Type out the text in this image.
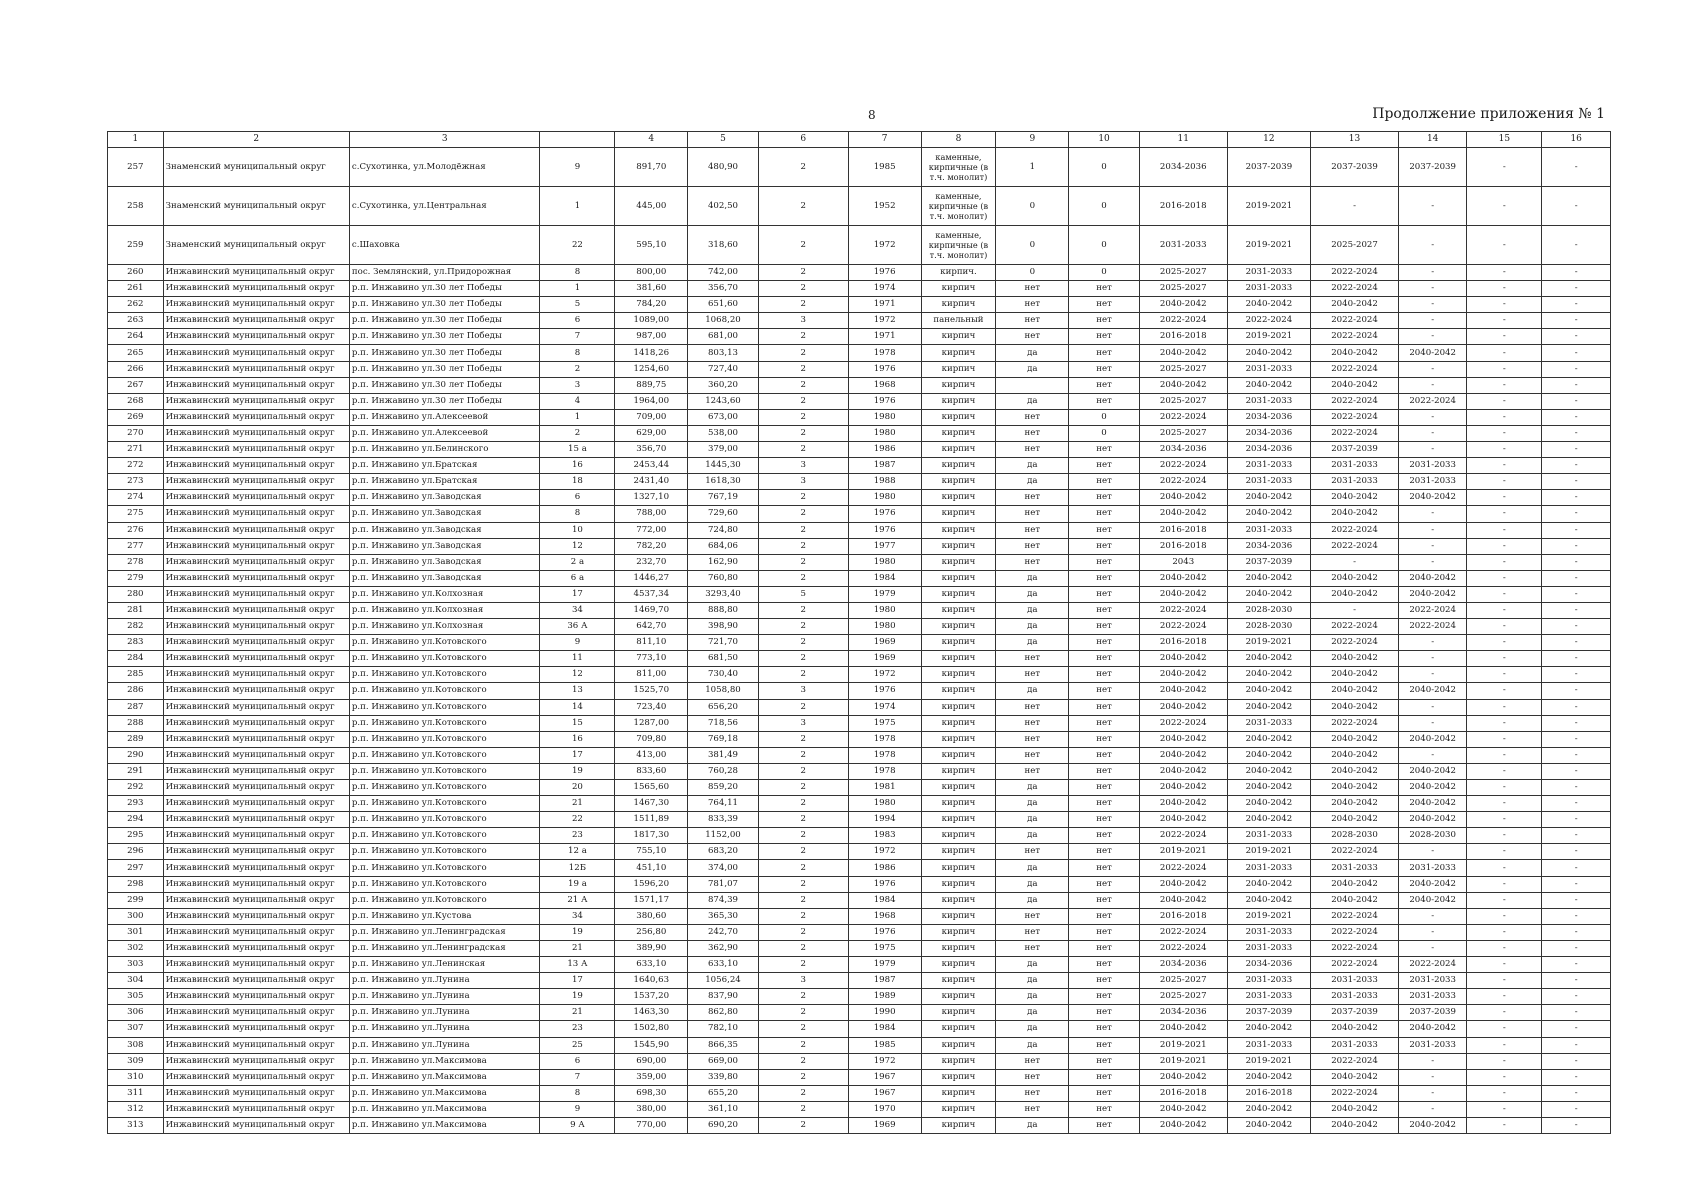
8	Продолжение приложения № 1
1	2	3		4	5	6	7	8	9	10	11	12	13	14	15	16
257	Знаменский муниципальный округ	с.Сухотинка, ул.Молодёжная	9	891,70	480,90	2	1985	каменные, кирпичные (в т.ч. монолит)	1	0	2034-2036	2037-2039	2037-2039	2037-2039	-	-
258	Знаменский муниципальный округ	с.Сухотинка, ул.Центральная	1	445,00	402,50	2	1952	каменные, кирпичные (в т.ч. монолит)	0	0	2016-2018	2019-2021	-	-	-	-
259	Знаменский муниципальный округ	с.Шаховка	22	595,10	318,60	2	1972	каменные, кирпичные (в т.ч. монолит)	0	0	2031-2033	2019-2021	2025-2027	-	-	-
260	Инжавинский муниципальный округ	пос. Землянский, ул.Придорожная	8	800,00	742,00	2	1976	кирпич.	0	0	2025-2027	2031-2033	2022-2024	-	-	-
261	Инжавинский муниципальный округ	р.п. Инжавино ул.30 лет Победы	1	381,60	356,70	2	1974	кирпич	нет	нет	2025-2027	2031-2033	2022-2024	-	-	-
262	Инжавинский муниципальный округ	р.п. Инжавино ул.30 лет Победы	5	784,20	651,60	2	1971	кирпич	нет	нет	2040-2042	2040-2042	2040-2042	-	-	-
263	Инжавинский муниципальный округ	р.п. Инжавино ул.30 лет Победы	6	1089,00	1068,20	3	1972	панельный	нет	нет	2022-2024	2022-2024	2022-2024	-	-	-
264	Инжавинский муниципальный округ	р.п. Инжавино ул.30 лет Победы	7	987,00	681,00	2	1971	кирпич	нет	нет	2016-2018	2019-2021	2022-2024	-	-	-
265	Инжавинский муниципальный округ	р.п. Инжавино ул.30 лет Победы	8	1418,26	803,13	2	1978	кирпич	да	нет	2040-2042	2040-2042	2040-2042	2040-2042	-	-
266	Инжавинский муниципальный округ	р.п. Инжавино ул.30 лет Победы	2	1254,60	727,40	2	1976	кирпич	да	нет	2025-2027	2031-2033	2022-2024	-	-	-
267	Инжавинский муниципальный округ	р.п. Инжавино ул.30 лет Победы	3	889,75	360,20	2	1968	кирпич		нет	2040-2042	2040-2042	2040-2042	-	-	-
268	Инжавинский муниципальный округ	р.п. Инжавино ул.30 лет Победы	4	1964,00	1243,60	2	1976	кирпич	да	нет	2025-2027	2031-2033	2022-2024	2022-2024	-	-
269	Инжавинский муниципальный округ	р.п. Инжавино ул.Алексеевой	1	709,00	673,00	2	1980	кирпич	нет	0	2022-2024	2034-2036	2022-2024	-	-	-
270	Инжавинский муниципальный округ	р.п. Инжавино ул.Алексеевой	2	629,00	538,00	2	1980	кирпич	нет	0	2025-2027	2034-2036	2022-2024	-	-	-
271	Инжавинский муниципальный округ	р.п. Инжавино ул.Белинского	15 а	356,70	379,00	2	1986	кирпич	нет	нет	2034-2036	2034-2036	2037-2039	-	-	-
272	Инжавинский муниципальный округ	р.п. Инжавино ул.Братская	16	2453,44	1445,30	3	1987	кирпич	да	нет	2022-2024	2031-2033	2031-2033	2031-2033	-	-
273	Инжавинский муниципальный округ	р.п. Инжавино ул.Братская	18	2431,40	1618,30	3	1988	кирпич	да	нет	2022-2024	2031-2033	2031-2033	2031-2033	-	-
274	Инжавинский муниципальный округ	р.п. Инжавино ул.Заводская	6	1327,10	767,19	2	1980	кирпич	нет	нет	2040-2042	2040-2042	2040-2042	2040-2042	-	-
275	Инжавинский муниципальный округ	р.п. Инжавино ул.Заводская	8	788,00	729,60	2	1976	кирпич	нет	нет	2040-2042	2040-2042	2040-2042	-	-	-
276	Инжавинский муниципальный округ	р.п. Инжавино ул.Заводская	10	772,00	724,80	2	1976	кирпич	нет	нет	2016-2018	2031-2033	2022-2024	-	-	-
277	Инжавинский муниципальный округ	р.п. Инжавино ул.Заводская	12	782,20	684,06	2	1977	кирпич	нет	нет	2016-2018	2034-2036	2022-2024	-	-	-
278	Инжавинский муниципальный округ	р.п. Инжавино ул.Заводская	2 а	232,70	162,90	2	1980	кирпич	нет	нет	2043	2037-2039	-	-	-	-
279	Инжавинский муниципальный округ	р.п. Инжавино ул.Заводская	6 а	1446,27	760,80	2	1984	кирпич	да	нет	2040-2042	2040-2042	2040-2042	2040-2042	-	-
280	Инжавинский муниципальный округ	р.п. Инжавино ул.Колхозная	17	4537,34	3293,40	5	1979	кирпич	да	нет	2040-2042	2040-2042	2040-2042	2040-2042	-	-
281	Инжавинский муниципальный округ	р.п. Инжавино ул.Колхозная	34	1469,70	888,80	2	1980	кирпич	да	нет	2022-2024	2028-2030	-	2022-2024	-	-
282	Инжавинский муниципальный округ	р.п. Инжавино ул.Колхозная	36 А	642,70	398,90	2	1980	кирпич	да	нет	2022-2024	2028-2030	2022-2024	2022-2024	-	-
283	Инжавинский муниципальный округ	р.п. Инжавино ул.Котовского	9	811,10	721,70	2	1969	кирпич	да	нет	2016-2018	2019-2021	2022-2024	-	-	-
284	Инжавинский муниципальный округ	р.п. Инжавино ул.Котовского	11	773,10	681,50	2	1969	кирпич	нет	нет	2040-2042	2040-2042	2040-2042	-	-	-
285	Инжавинский муниципальный округ	р.п. Инжавино ул.Котовского	12	811,00	730,40	2	1972	кирпич	нет	нет	2040-2042	2040-2042	2040-2042	-	-	-
286	Инжавинский муниципальный округ	р.п. Инжавино ул.Котовского	13	1525,70	1058,80	3	1976	кирпич	да	нет	2040-2042	2040-2042	2040-2042	2040-2042	-	-
287	Инжавинский муниципальный округ	р.п. Инжавино ул.Котовского	14	723,40	656,20	2	1974	кирпич	нет	нет	2040-2042	2040-2042	2040-2042	-	-	-
288	Инжавинский муниципальный округ	р.п. Инжавино ул.Котовского	15	1287,00	718,56	3	1975	кирпич	нет	нет	2022-2024	2031-2033	2022-2024	-	-	-
289	Инжавинский муниципальный округ	р.п. Инжавино ул.Котовского	16	709,80	769,18	2	1978	кирпич	нет	нет	2040-2042	2040-2042	2040-2042	2040-2042	-	-
290	Инжавинский муниципальный округ	р.п. Инжавино ул.Котовского	17	413,00	381,49	2	1978	кирпич	нет	нет	2040-2042	2040-2042	2040-2042	-	-	-
291	Инжавинский муниципальный округ	р.п. Инжавино ул.Котовского	19	833,60	760,28	2	1978	кирпич	нет	нет	2040-2042	2040-2042	2040-2042	2040-2042	-	-
292	Инжавинский муниципальный округ	р.п. Инжавино ул.Котовского	20	1565,60	859,20	2	1981	кирпич	да	нет	2040-2042	2040-2042	2040-2042	2040-2042	-	-
293	Инжавинский муниципальный округ	р.п. Инжавино ул.Котовского	21	1467,30	764,11	2	1980	кирпич	да	нет	2040-2042	2040-2042	2040-2042	2040-2042	-	-
294	Инжавинский муниципальный округ	р.п. Инжавино ул.Котовского	22	1511,89	833,39	2	1994	кирпич	да	нет	2040-2042	2040-2042	2040-2042	2040-2042	-	-
295	Инжавинский муниципальный округ	р.п. Инжавино ул.Котовского	23	1817,30	1152,00	2	1983	кирпич	да	нет	2022-2024	2031-2033	2028-2030	2028-2030	-	-
296	Инжавинский муниципальный округ	р.п. Инжавино ул.Котовского	12 а	755,10	683,20	2	1972	кирпич	нет	нет	2019-2021	2019-2021	2022-2024	-	-	-
297	Инжавинский муниципальный округ	р.п. Инжавино ул.Котовского	12Б	451,10	374,00	2	1986	кирпич	да	нет	2022-2024	2031-2033	2031-2033	2031-2033	-	-
298	Инжавинский муниципальный округ	р.п. Инжавино ул.Котовского	19 а	1596,20	781,07	2	1976	кирпич	да	нет	2040-2042	2040-2042	2040-2042	2040-2042	-	-
299	Инжавинский муниципальный округ	р.п. Инжавино ул.Котовского	21 А	1571,17	874,39	2	1984	кирпич	да	нет	2040-2042	2040-2042	2040-2042	2040-2042	-	-
300	Инжавинский муниципальный округ	р.п. Инжавино ул.Кустова	34	380,60	365,30	2	1968	кирпич	нет	нет	2016-2018	2019-2021	2022-2024	-	-	-
301	Инжавинский муниципальный округ	р.п. Инжавино ул.Ленинградская	19	256,80	242,70	2	1976	кирпич	нет	нет	2022-2024	2031-2033	2022-2024	-	-	-
302	Инжавинский муниципальный округ	р.п. Инжавино ул.Ленинградская	21	389,90	362,90	2	1975	кирпич	нет	нет	2022-2024	2031-2033	2022-2024	-	-	-
303	Инжавинский муниципальный округ	р.п. Инжавино ул.Ленинская	13 А	633,10	633,10	2	1979	кирпич	да	нет	2034-2036	2034-2036	2022-2024	2022-2024	-	-
304	Инжавинский муниципальный округ	р.п. Инжавино ул.Лунина	17	1640,63	1056,24	3	1987	кирпич	да	нет	2025-2027	2031-2033	2031-2033	2031-2033	-	-
305	Инжавинский муниципальный округ	р.п. Инжавино ул.Лунина	19	1537,20	837,90	2	1989	кирпич	да	нет	2025-2027	2031-2033	2031-2033	2031-2033	-	-
306	Инжавинский муниципальный округ	р.п. Инжавино ул.Лунина	21	1463,30	862,80	2	1990	кирпич	да	нет	2034-2036	2037-2039	2037-2039	2037-2039	-	-
307	Инжавинский муниципальный округ	р.п. Инжавино ул.Лунина	23	1502,80	782,10	2	1984	кирпич	да	нет	2040-2042	2040-2042	2040-2042	2040-2042	-	-
308	Инжавинский муниципальный округ	р.п. Инжавино ул.Лунина	25	1545,90	866,35	2	1985	кирпич	да	нет	2019-2021	2031-2033	2031-2033	2031-2033	-	-
309	Инжавинский муниципальный округ	р.п. Инжавино ул.Максимова	6	690,00	669,00	2	1972	кирпич	нет	нет	2019-2021	2019-2021	2022-2024	-	-	-
310	Инжавинский муниципальный округ	р.п. Инжавино ул.Максимова	7	359,00	339,80	2	1967	кирпич	нет	нет	2040-2042	2040-2042	2040-2042	-	-	-
311	Инжавинский муниципальный округ	р.п. Инжавино ул.Максимова	8	698,30	655,20	2	1967	кирпич	нет	нет	2016-2018	2016-2018	2022-2024	-	-	-
312	Инжавинский муниципальный округ	р.п. Инжавино ул.Максимова	9	380,00	361,10	2	1970	кирпич	нет	нет	2040-2042	2040-2042	2040-2042	-	-	-
313	Инжавинский муниципальный округ	р.п. Инжавино ул.Максимова	9 А	770,00	690,20	2	1969	кирпич	да	нет	2040-2042	2040-2042	2040-2042	2040-2042	-	-
